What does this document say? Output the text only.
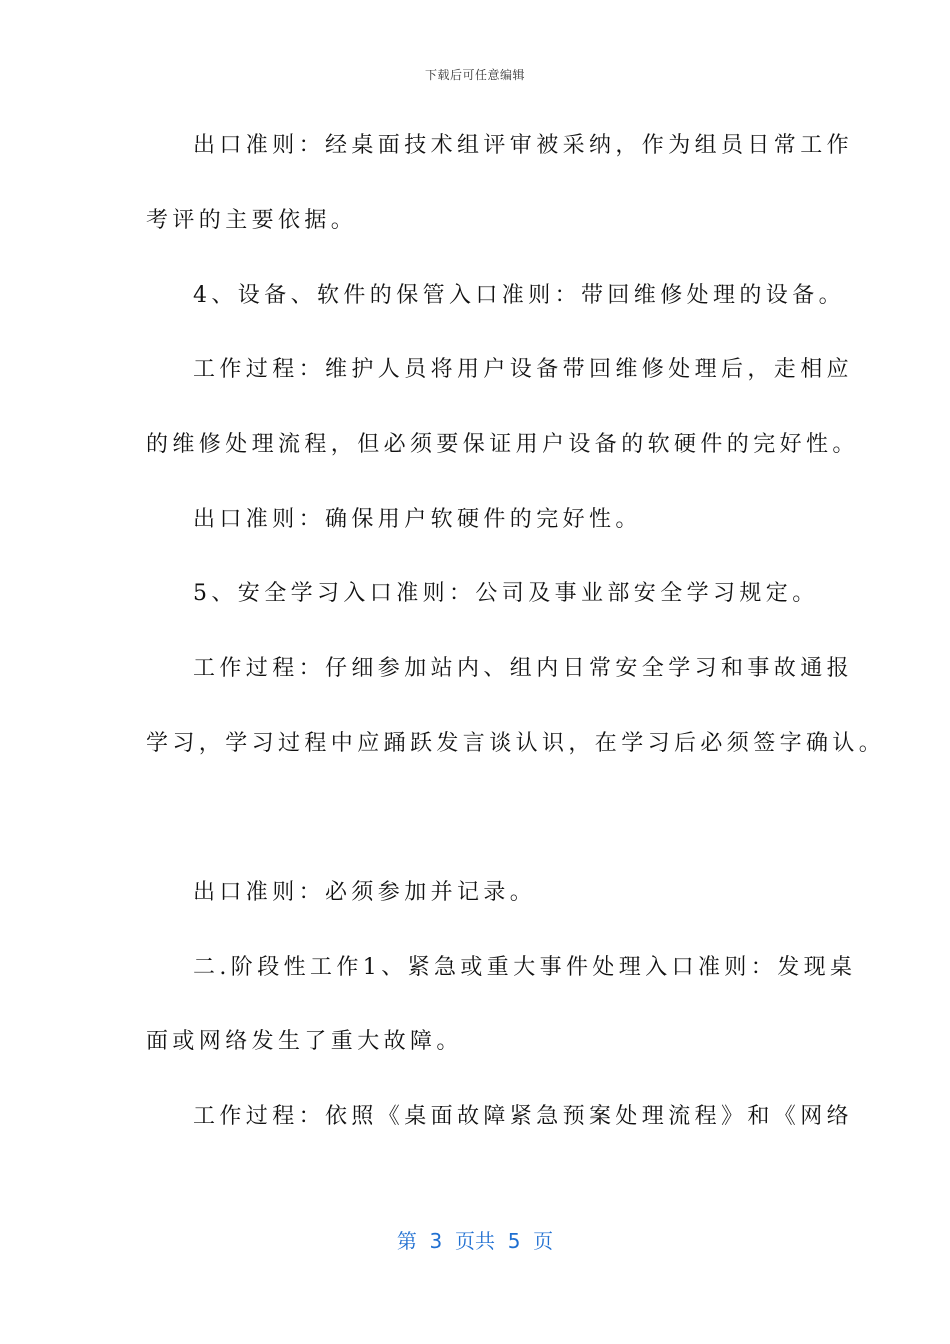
下载后可任意编辑
出口准则：经桌面技术组评审被采纳，作为组员日常工作
考评的主要依据。
4、设备、软件的保管入口准则：带回维修处理的设备。
工作过程：维护人员将用户设备带回维修处理后，走相应
的维修处理流程，但必须要保证用户设备的软硬件的完好性。
出口准则：确保用户软硬件的完好性。
5、安全学习入口准则：公司及事业部安全学习规定。
工作过程：仔细参加站内、组内日常安全学习和事故通报
学习，学习过程中应踊跃发言谈认识，在学习后必须签字确认。
出口准则：必须参加并记录。
二.阶段性工作1、紧急或重大事件处理入口准则：发现桌
面或网络发生了重大故障。
工作过程：依照《桌面故障紧急预案处理流程》和《网络
第  3  页共  5  页
